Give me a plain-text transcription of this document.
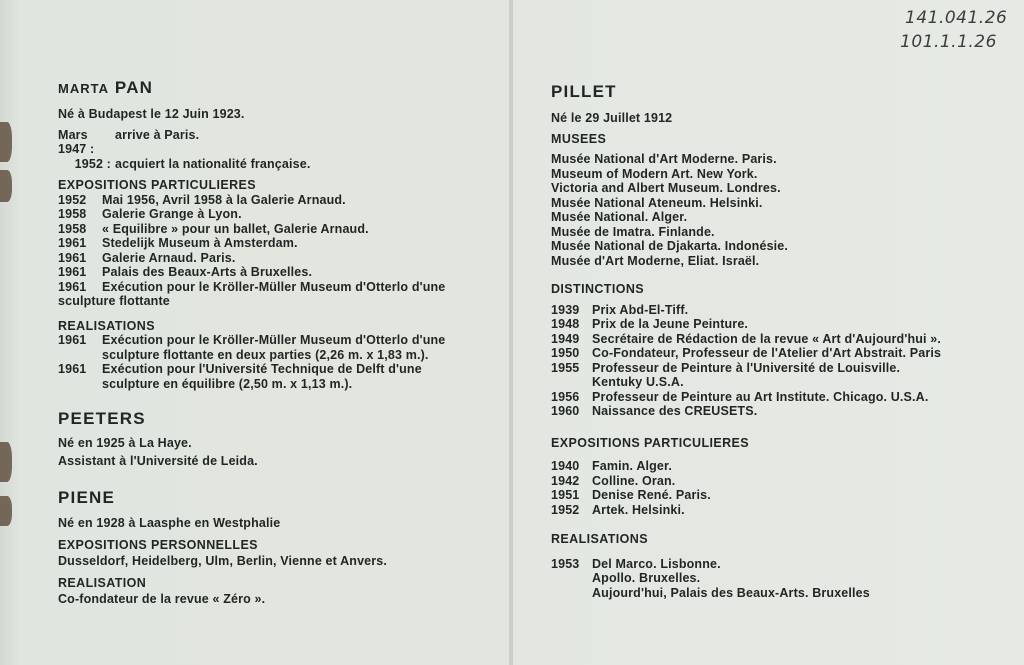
141.041.26
101.1.1.26
MARTA PAN
Né à Budapest le 12 Juin 1923.
Mars 1947 :
arrive à Paris.
1952 : acquiert la nationalité française.
EXPOSITIONS PARTICULIERES
1952	Mai 1956, Avril 1958 à la Galerie Arnaud.
1958	Galerie Grange à Lyon.
1958	« Equilibre » pour un ballet, Galerie Arnaud.
1961	Stedelijk Museum à Amsterdam.
1961	Galerie Arnaud. Paris.
1961	Palais des Beaux-Arts à Bruxelles.
1961	Exécution pour le Kröller-Müller Museum d'Otterlo d'une
sculpture flottante
REALISATIONS
1961	Exécution pour le Kröller-Müller Museum d'Otterlo d'une
sculpture flottante en deux parties (2,26 m. x 1,83 m.).
1961	Exécution pour l'Université Technique de Delft d'une
sculpture en équilibre (2,50 m. x 1,13 m.).
PEETERS
Né en 1925 à La Haye.
Assistant à l'Université de Leida.
PIENE
Né en 1928 à Laasphe en Westphalie
EXPOSITIONS PERSONNELLES
Dusseldorf, Heidelberg, Ulm, Berlin, Vienne et Anvers.
REALISATION
Co-fondateur de la revue « Zéro ».
PILLET
Né le 29 Juillet 1912
MUSEES
Musée National d'Art Moderne. Paris.
Museum of Modern Art. New York.
Victoria and Albert Museum. Londres.
Musée National Ateneum. Helsinki.
Musée National. Alger.
Musée de Imatra. Finlande.
Musée National de Djakarta. Indonésie.
Musée d'Art Moderne, Eliat. Israël.
DISTINCTIONS
1939	Prix Abd-El-Tiff.
1948	Prix de la Jeune Peinture.
1949	Secrétaire de Rédaction de la revue « Art d'Aujourd'hui ».
1950	Co-Fondateur, Professeur de l'Atelier d'Art Abstrait. Paris
1955	Professeur de Peinture à l'Université de Louisville.
Kentuky U.S.A.
1956	Professeur de Peinture au Art Institute. Chicago. U.S.A.
1960	Naissance des CREUSETS.
EXPOSITIONS PARTICULIERES
1940	Famin. Alger.
1942	Colline. Oran.
1951	Denise René. Paris.
1952	Artek. Helsinki.
REALISATIONS
1953	Del Marco. Lisbonne.
Apollo. Bruxelles.
Aujourd'hui, Palais des Beaux-Arts. Bruxelles
